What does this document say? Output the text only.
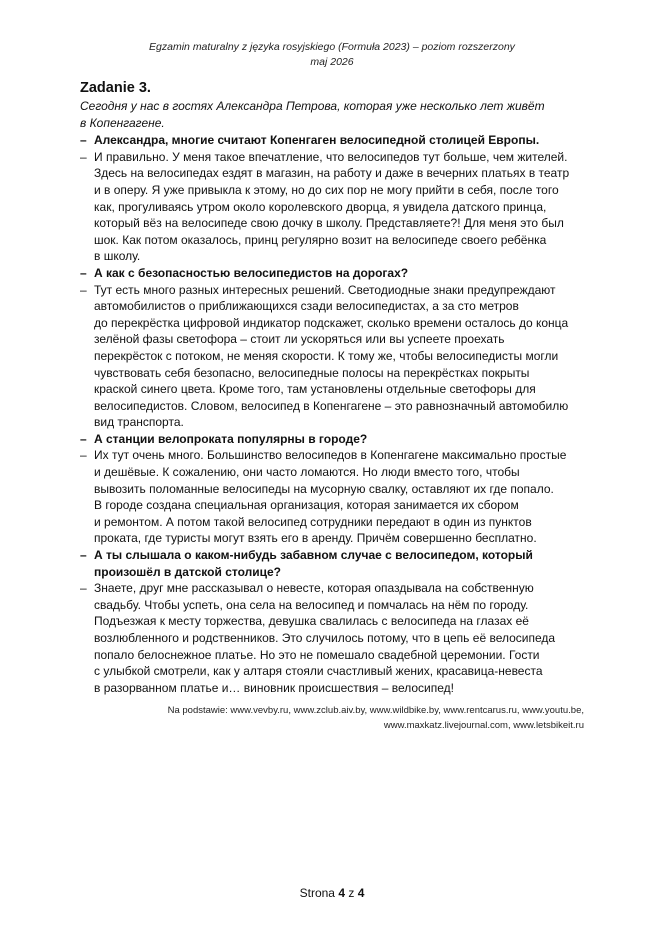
Egzamin maturalny z języka rosyjskiego (Formuła 2023) – poziom rozszerzony
maj 2026
Zadanie 3.
Сегодня у нас в гостях Александра Петрова, которая уже несколько лет живёт
в Копенгагене.
– Александра, многие считают Копенгаген велосипедной столицей Европы.
– И правильно. У меня такое впечатление, что велосипедов тут больше, чем жителей.
Здесь на велосипедах ездят в магазин, на работу и даже в вечерних платьях в театр
и в оперу. Я уже привыкла к этому, но до сих пор не могу прийти в себя, после того
как, прогуливаясь утром около королевского дворца, я увидела датского принца,
который вёз на велосипеде свою дочку в школу. Представляете?! Для меня это был
шок. Как потом оказалось, принц регулярно возит на велосипеде своего ребёнка
в школу.
– А как с безопасностью велосипедистов на дорогах?
– Тут есть много разных интересных решений. Светодиодные знаки предупреждают
автомобилистов о приближающихся сзади велосипедистах, а за сто метров
до перекрёстка цифровой индикатор подскажет, сколько времени осталось до конца
зелёной фазы светофора – стоит ли ускоряться или вы успеете проехать
перекрёсток с потоком, не меняя скорости. К тому же, чтобы велосипедисты могли
чувствовать себя безопасно, велосипедные полосы на перекрёстках покрыты
краской синего цвета. Кроме того, там установлены отдельные светофоры для
велосипедистов. Словом, велосипед в Копенгагене – это равнозначный автомобилю
вид транспорта.
– А станции велопроката популярны в городе?
– Их тут очень много. Большинство велосипедов в Копенгагене максимально простые
и дешёвые. К сожалению, они часто ломаются. Но люди вместо того, чтобы
вывозить поломанные велосипеды на мусорную свалку, оставляют их где попало.
В городе создана специальная организация, которая занимается их сбором
и ремонтом. А потом такой велосипед сотрудники передают в один из пунктов
проката, где туристы могут взять его в аренду. Причём совершенно бесплатно.
– А ты слышала о каком-нибудь забавном случае с велосипедом, который
произошёл в датской столице?
– Знаете, друг мне рассказывал о невесте, которая опаздывала на собственную
свадьбу. Чтобы успеть, она села на велосипед и помчалась на нём по городу.
Подъезжая к месту торжества, девушка свалилась с велосипеда на глазах её
возлюбленного и родственников. Это случилось потому, что в цепь её велосипеда
попало белоснежное платье. Но это не помешало свадебной церемонии. Гости
с улыбкой смотрели, как у алтаря стояли счастливый жених, красавица-невеста
в разорванном платье и… виновник происшествия – велосипед!
Na podstawie: www.vevby.ru, www.zclub.aiv.by, www.wildbike.by, www.rentcarus.ru, www.youtu.be,
www.maxkatz.livejournal.com, www.letsbikeit.ru
Strona 4 z 4
